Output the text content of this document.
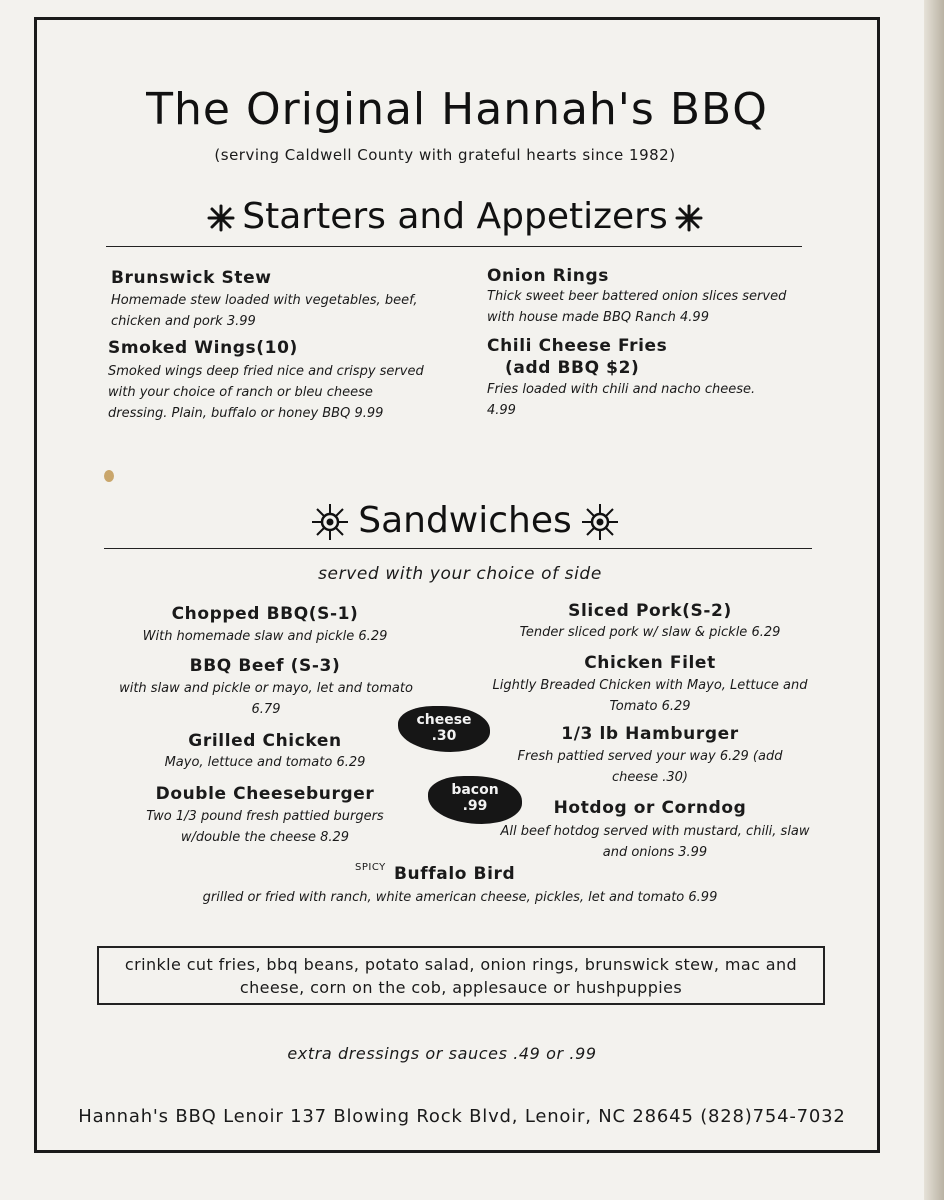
The Original Hannah's BBQ
(serving Caldwell County with grateful hearts since 1982)
Starters and Appetizers
Brunswick Stew
Homemade stew loaded with vegetables, beef, chicken and pork 3.99
Smoked Wings(10)
Smoked wings deep fried nice and crispy served with your choice of ranch or bleu cheese dressing. Plain, buffalo or honey BBQ 9.99
Onion Rings
Thick sweet beer battered onion slices served with house made BBQ Ranch 4.99
Chili Cheese Fries
(add BBQ $2)
Fries loaded with chili and nacho cheese. 4.99
Sandwiches
served with your choice of side
Chopped BBQ(S-1)
With homemade slaw and pickle 6.29
BBQ Beef (S-3)
with slaw and pickle or mayo, let and tomato 6.79
Grilled Chicken
Mayo, lettuce and tomato 6.29
Double Cheeseburger
Two 1/3 pound fresh pattied burgers w/double the cheese 8.29
Sliced Pork(S-2)
Tender sliced pork w/ slaw & pickle 6.29
Chicken Filet
Lightly Breaded Chicken with Mayo, Lettuce and Tomato 6.29
1/3 lb Hamburger
Fresh pattied served your way 6.29 (add cheese .30)
Hotdog or Corndog
All beef hotdog served with mustard, chili, slaw and onions 3.99
cheese
.30
bacon
.99
SPICY Buffalo Bird
grilled or fried with ranch, white american cheese, pickles, let and tomato 6.99
crinkle cut fries, bbq beans, potato salad, onion rings, brunswick stew, mac and cheese, corn on the cob, applesauce or hushpuppies
extra dressings or sauces .49 or .99
Hannah's BBQ Lenoir 137 Blowing Rock Blvd, Lenoir, NC 28645 (828)754-7032
